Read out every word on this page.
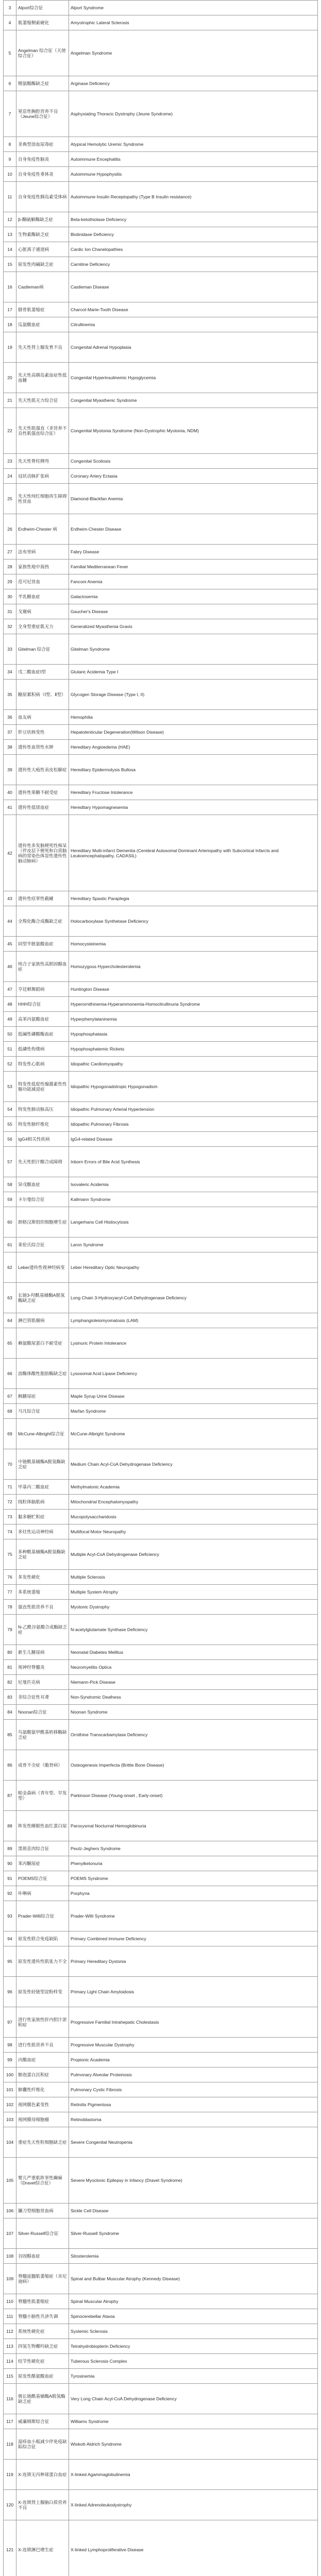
3	Alport综合征	Alport Syndrome
4	肌萎缩侧索硬化	Amyotrophic Lateral Sclerosis
5	Angelman 综合征（天使综合征）	Angelman Syndrome
6	精氨酸酶缺乏症	Arginase Deficiency
7	窒息性胸腔营养不良（Jeune综合征）	Asphyxiating Thoracic Dystrophy (Jeune Syndrome)
8	非典型溶血尿毒症	Atypical Hemolytic Uremic Syndrome
9	自身免疫性脑炎	Autoimmune Encephalitis
10	自身免疫性垂体炎	Autoimmune Hypophysitis
11	自身免疫性胰岛素受体病	Autoimmune Insulin Receptopathy (Type B Insulin resistance)
12	β-酮硫解酶缺乏症	Beta-ketothiolase Deficiency
13	生物素酶缺乏症	Biotinidase Deficiency
14	心脏离子通道病	Cardic Ion Chanelopathies
15	原发性肉碱缺乏症	Carnitine Deficiency
16	Castleman病	Castleman Disease
17	腓骨肌萎缩症	Charcot-Marie-Tooth Disease
18	瓜氨酸血症	Citrullinemia
19	先天性肾上腺发育不良	Congenital Adrenal Hypoplasia
20	先天性高胰岛素血症性低血糖	Congenital Hyperinsulinemic Hypoglycemia
21	先天性肌无力综合征	Congenital Myasthenic Syndrome
22	先天性肌强直（非营养不良性肌强直综合征）	Congenital Myotonia Syndrome (Non-Dystrophic Myotonia, NDM)
23	先天性脊柱侧弯	Congenital Scoliosis
24	冠状动脉扩张病	Coronary Artery Ectasia
25	先天性纯红细胞再生障碍性贫血	Diamond-Blackfan Anemia
26	Erdheim-Chester 病	Erdheim-Chester Disease
27	法布里病	Fabry Disease
28	家族性地中海热	Familial Mediterranean Fever
29	范可尼贫血	Fanconi Anemia
30	半乳糖血症	Galactosemia
31	戈谢病	Gaucher's Disease
32	全身型重症肌无力	Generalized Myasthenia Gravis
33	Gitelman 综合征	Gitelman Syndrome
34	戊二酸血症Ⅰ型	Glutaric Acidemia Type I
35	糖原累积病（Ⅰ型、Ⅱ型）	Glycogen Storage Disease (Type I, II)
36	血友病	Hemophilia
37	肝豆状核变性	Hepatolenticular Degeneration(Wilson Disease)
38	遗传性血管性水肿	Hereditary Angioedema (HAE)
39	遗传性大疱性表皮松解症	Hereditary Epidermolysis Bullosa
40	遗传性果糖不耐受症	Hereditary Fructose Intolerance
41	遗传性低镁血症	Hereditary Hypomagnesemia
42	遗传性多发脑梗死性痴呆（伴皮层下梗死和白质脑病的常染色体显性遗传性脑动脉病）	Hereditary Multi-infarct Dementia (Cerebral Autosomal Dominant Arteriopathy with Subcortical Infarcts and Leukoencephalopathy, CADASIL)
43	遗传性痉挛性截瘫	Hereditary Spastic Paraplegia
44	全羧化酶合成酶缺乏症	Holocarboxylase Synthetase Deficiency
45	同型半胱氨酸血症	Homocysteinemia
46	纯合子家族性高胆固醇血症	Homozygous Hypercholesterolemia
47	亨廷顿舞蹈病	Huntington Disease
48	HHH综合征	Hyperornithinemia-Hyperammonemia-Homocitrullinuria Syndrome
49	高苯丙氨酸血症	Hyperphenylalaninemia
50	低碱性磷酸酶血症	Hypophosphatasia
51	低磷性佝偻病	Hypophosphatemic Rickets
52	特发性心肌病	Idiopathic Cardiomyopathy
53	特发性低促性腺激素性性腺功能减退症	Idiopathic Hypogonadotropic Hypogonadism
54	特发性肺动脉高压	Idiopathic Pulmonary Arterial Hypertension
55	特发性肺纤维化	Idiopathic Pulmonary Fibrosis
56	IgG4相关性疾病	IgG4-related Disease
57	先天性胆汁酸合成障碍	Inborn Errors of Bile Acid Synthesis
58	异戊酸血症	Isovaleric Acidemia
59	卡尔曼综合征	Kallmann Syndrome
60	朗格汉斯组织细胞增生症	Langerhans Cell Histiocytosis
61	莱伦氏综合征	Laron Syndrome
62	Leber遗传性视神经病变	Leber Hereditary Optic Neuropathy
63	长链3-羟酰基辅酶A脱氢酶缺乏症	Long Chain 3-Hydroxyacyl-CoA Dehydrogenase Deficiency
64	淋巴管肌瘤病	Lymphangioleiomyomatosis (LAM)
65	赖氨酸尿蛋白不耐受症	Lysinuric Protein Intolerance
66	溶酶体酸性脂肪酶缺乏症	Lysosomal Acid Lipase Deficiency
67	枫糖尿症	Maple Syrup Urine Disease
68	马凡综合征	Marfan Syndrome
69	McCune-Albright综合征	McCune-Albright Syndrome
70	中链酰基辅酶A脱氢酶缺乏症	Medium Chain Acyl-CoA Dehydrogenase Deficiency
71	甲基丙二酸血症	Methylmalonic Academia
72	线粒体脑肌病	Mitochondrial Encephalomyopathy
73	黏多糖贮积症	Mucopolysaccharidosis
74	多灶性运动神经病	Multifocal Motor Neuropathy
75	多种酰基辅酶A脱氢酶缺乏症	Multiple Acyl-CoA Dehydrogenase Deficiency
76	多发性硬化	Multiple Sclerosis
77	多系统萎缩	Multiple System Atrophy
78	强直性肌营养不良	Myotonic Dystrophy
79	N-乙酰谷氨酸合成酶缺乏症	N-acetylglutamate Synthase Deficiency
80	新生儿糖尿病	Neonatal Diabetes Mellitus
81	视神经脊髓炎	Neuromyelitis Optica
82	尼曼匹克病	Niemann-Pick Disease
83	非综合征性耳聋	Non-Syndromic Deafness
84	Noonan综合征	Noonan Syndrome
85	鸟氨酸氨甲酰基转移酶缺乏症	Ornithine Transcarbamylase Deficiency
86	成骨不全症（脆骨病）	Osteogenesis Imperfecta (Brittle Bone Disease)
87	帕金森病（青年型、早发型）	Parkinson Disease (Young-onset , Early-onset)
88	阵发性睡眠性血红蛋白尿	Paroxysmal Nocturnal Hemoglobinuria
89	黑斑息肉综合征	Peutz-Jeghers Syndrome
90	苯丙酮尿症	Phenylketonuria
91	POEMS综合征	POEMS Syndrome
92	卟啉病	Porphyria
93	Prader-Willi综合征	Prader-Willi Syndrome
94	原发性联合免疫缺陷	Primary Combined Immune Deficiency
95	原发性遗传性肌张力不全	Primary Hereditary Dystonia
96	原发性轻链型淀粉样变	Primary Light Chain Amyloidosis
97	进行性家族性肝内胆汁淤积症	Progressive Familial Intrahepatic Cholestasis
98	进行性肌营养不良	Progressive Muscular Dystrophy
99	丙酸血症	Propionic Academia
100	肺泡蛋白沉积症	Pulmonary Alveolar Proteinosis
101	肺囊性纤维化	Pulmonary Cystic Fibrosis
102	视网膜色素变性	Retinitis Pigmentosa
103	视网膜母细胞瘤	Retinoblastoma
104	重症先天性粒细胞缺乏症	Severe Congenital Neutropenia
105	婴儿严重肌阵挛性癫痫（Dravet综合征）	Severe Myoclonic Epilepsy in Infancy (Dravet Syndrome)
106	镰刀型细胞贫血病	Sickle Cell Disease
107	Silver-Russell综合征	Silver-Russell Syndrome
108	谷固醇血症	Sitosterolemia
109	脊髓延髓肌萎缩症（肯尼迪病）	Spinal and Bulbar Muscular Atrophy (Kennedy Disease)
110	脊髓性肌萎缩症	Spinal Muscular Atrophy
111	脊髓小脑性共济失调	Spinocerebellar Ataxia
112	系统性硬化症	Systemic Sclerosis
113	四氢生物蝶呤缺乏症	Tetrahydrobiopterin Deficiency
114	结节性硬化症	Tuberous Sclerosis Complex
115	原发性酪氨酸血症	Tyrosinemia
116	极长链酰基辅酶A脱氢酶缺乏症	Very Long Chain Acyl-CoA Dehydrogenase Deficiency
117	威廉姆斯综合征	Williams Syndrome
118	湿疹血小板减少伴免疫缺陷综合征	Wiskott-Aldrich Syndrome
119	X-连锁无丙种球蛋白血症	X-linked Agammaglobulinemia
120	X-连锁肾上腺脑白质营养不良	X-linked Adrenoleukodystrophy
121	X-连锁淋巴增生症	X-linked Lymphoproliferative Disease
